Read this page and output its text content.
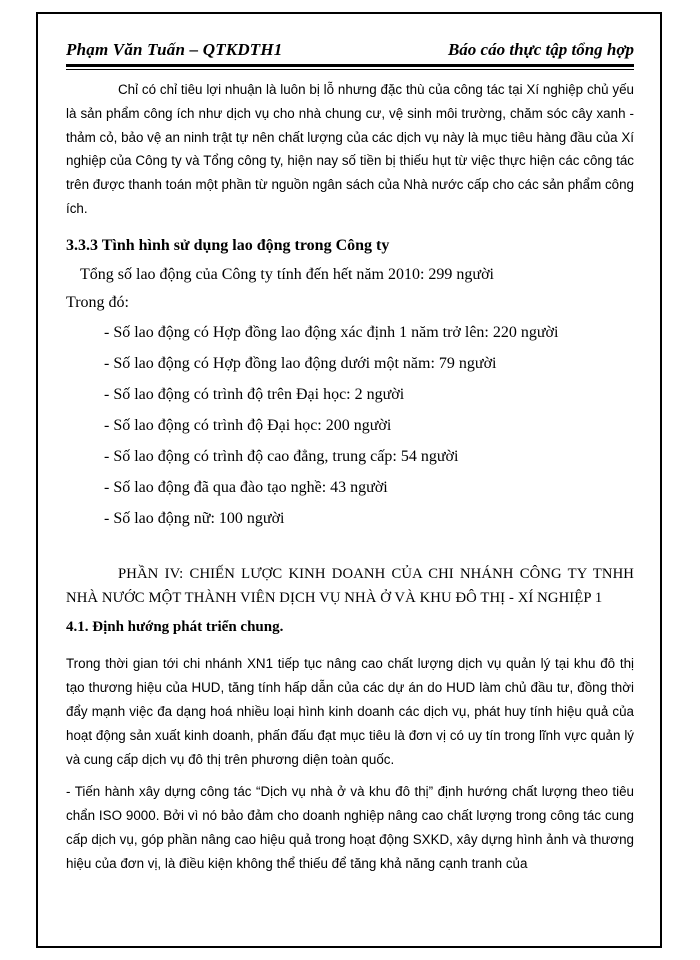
Phạm Văn Tuấn – QTKDTH1	Báo cáo thực tập tổng hợp

Chỉ có chỉ tiêu lợi nhuận là luôn bị lỗ nhưng đặc thù của công tác tại Xí nghiệp chủ yếu là sản phẩm công ích như dịch vụ cho nhà chung cư, vệ sinh môi trường, chăm sóc cây xanh - thảm cỏ, bảo vệ an ninh trật tự nên chất lượng của các dịch vụ này là mục tiêu hàng đầu của Xí nghiệp của Công ty và Tổng công ty, hiện nay số tiền bị thiếu hụt từ việc thực hiện các công tác trên được thanh toán một phần từ nguồn ngân sách của Nhà nước cấp cho các sản phẩm công ích.

3.3.3 Tình hình sử dụng lao động trong Công ty
Tổng số lao động của Công ty tính đến hết năm 2010: 299 người
Trong đó:
- Số lao động có Hợp đồng lao động xác định 1 năm trở lên: 220 người
- Số lao động có Hợp đồng lao động dưới một năm: 79 người
- Số lao động có trình độ trên Đại học: 2 người
- Số lao động có trình độ Đại học: 200 người
- Số lao động có trình độ cao đẳng, trung cấp: 54 người
- Số lao động đã qua đào tạo nghề: 43 người
- Số lao động nữ: 100 người

PHẦN IV: CHIẾN LƯỢC KINH DOANH CỦA CHI NHÁNH CÔNG TY TNHH NHÀ NƯỚC MỘT THÀNH VIÊN DỊCH VỤ NHÀ Ở VÀ KHU ĐÔ THỊ - XÍ NGHIỆP 1

4.1. Định hướng phát triển chung.

Trong thời gian tới chi nhánh XN1 tiếp tục nâng cao chất lượng dịch vụ quản lý tại khu đô thị tạo thương hiệu của HUD, tăng tính hấp dẫn của các dự án do HUD làm chủ đầu tư, đồng thời đẩy mạnh việc đa dạng hoá nhiều loại hình kinh doanh các dịch vụ, phát huy tính hiệu quả của hoạt động sản xuất kinh doanh, phấn đấu đạt mục tiêu là đơn vị có uy tín trong lĩnh vực quản lý và cung cấp dịch vụ đô thị trên phương diện toàn quốc.

- Tiến hành xây dựng công tác “Dịch vụ nhà ở và khu đô thị” định hướng chất lượng theo tiêu chẩn ISO 9000. Bởi vì nó bảo đảm cho doanh nghiệp nâng cao chất lượng trong công tác cung cấp dịch vụ, góp phần nâng cao hiệu quả trong hoạt động SXKD, xây dựng hình ảnh và thương hiệu của đơn vị, là điều kiện không thể thiếu để tăng khả năng cạnh tranh của
